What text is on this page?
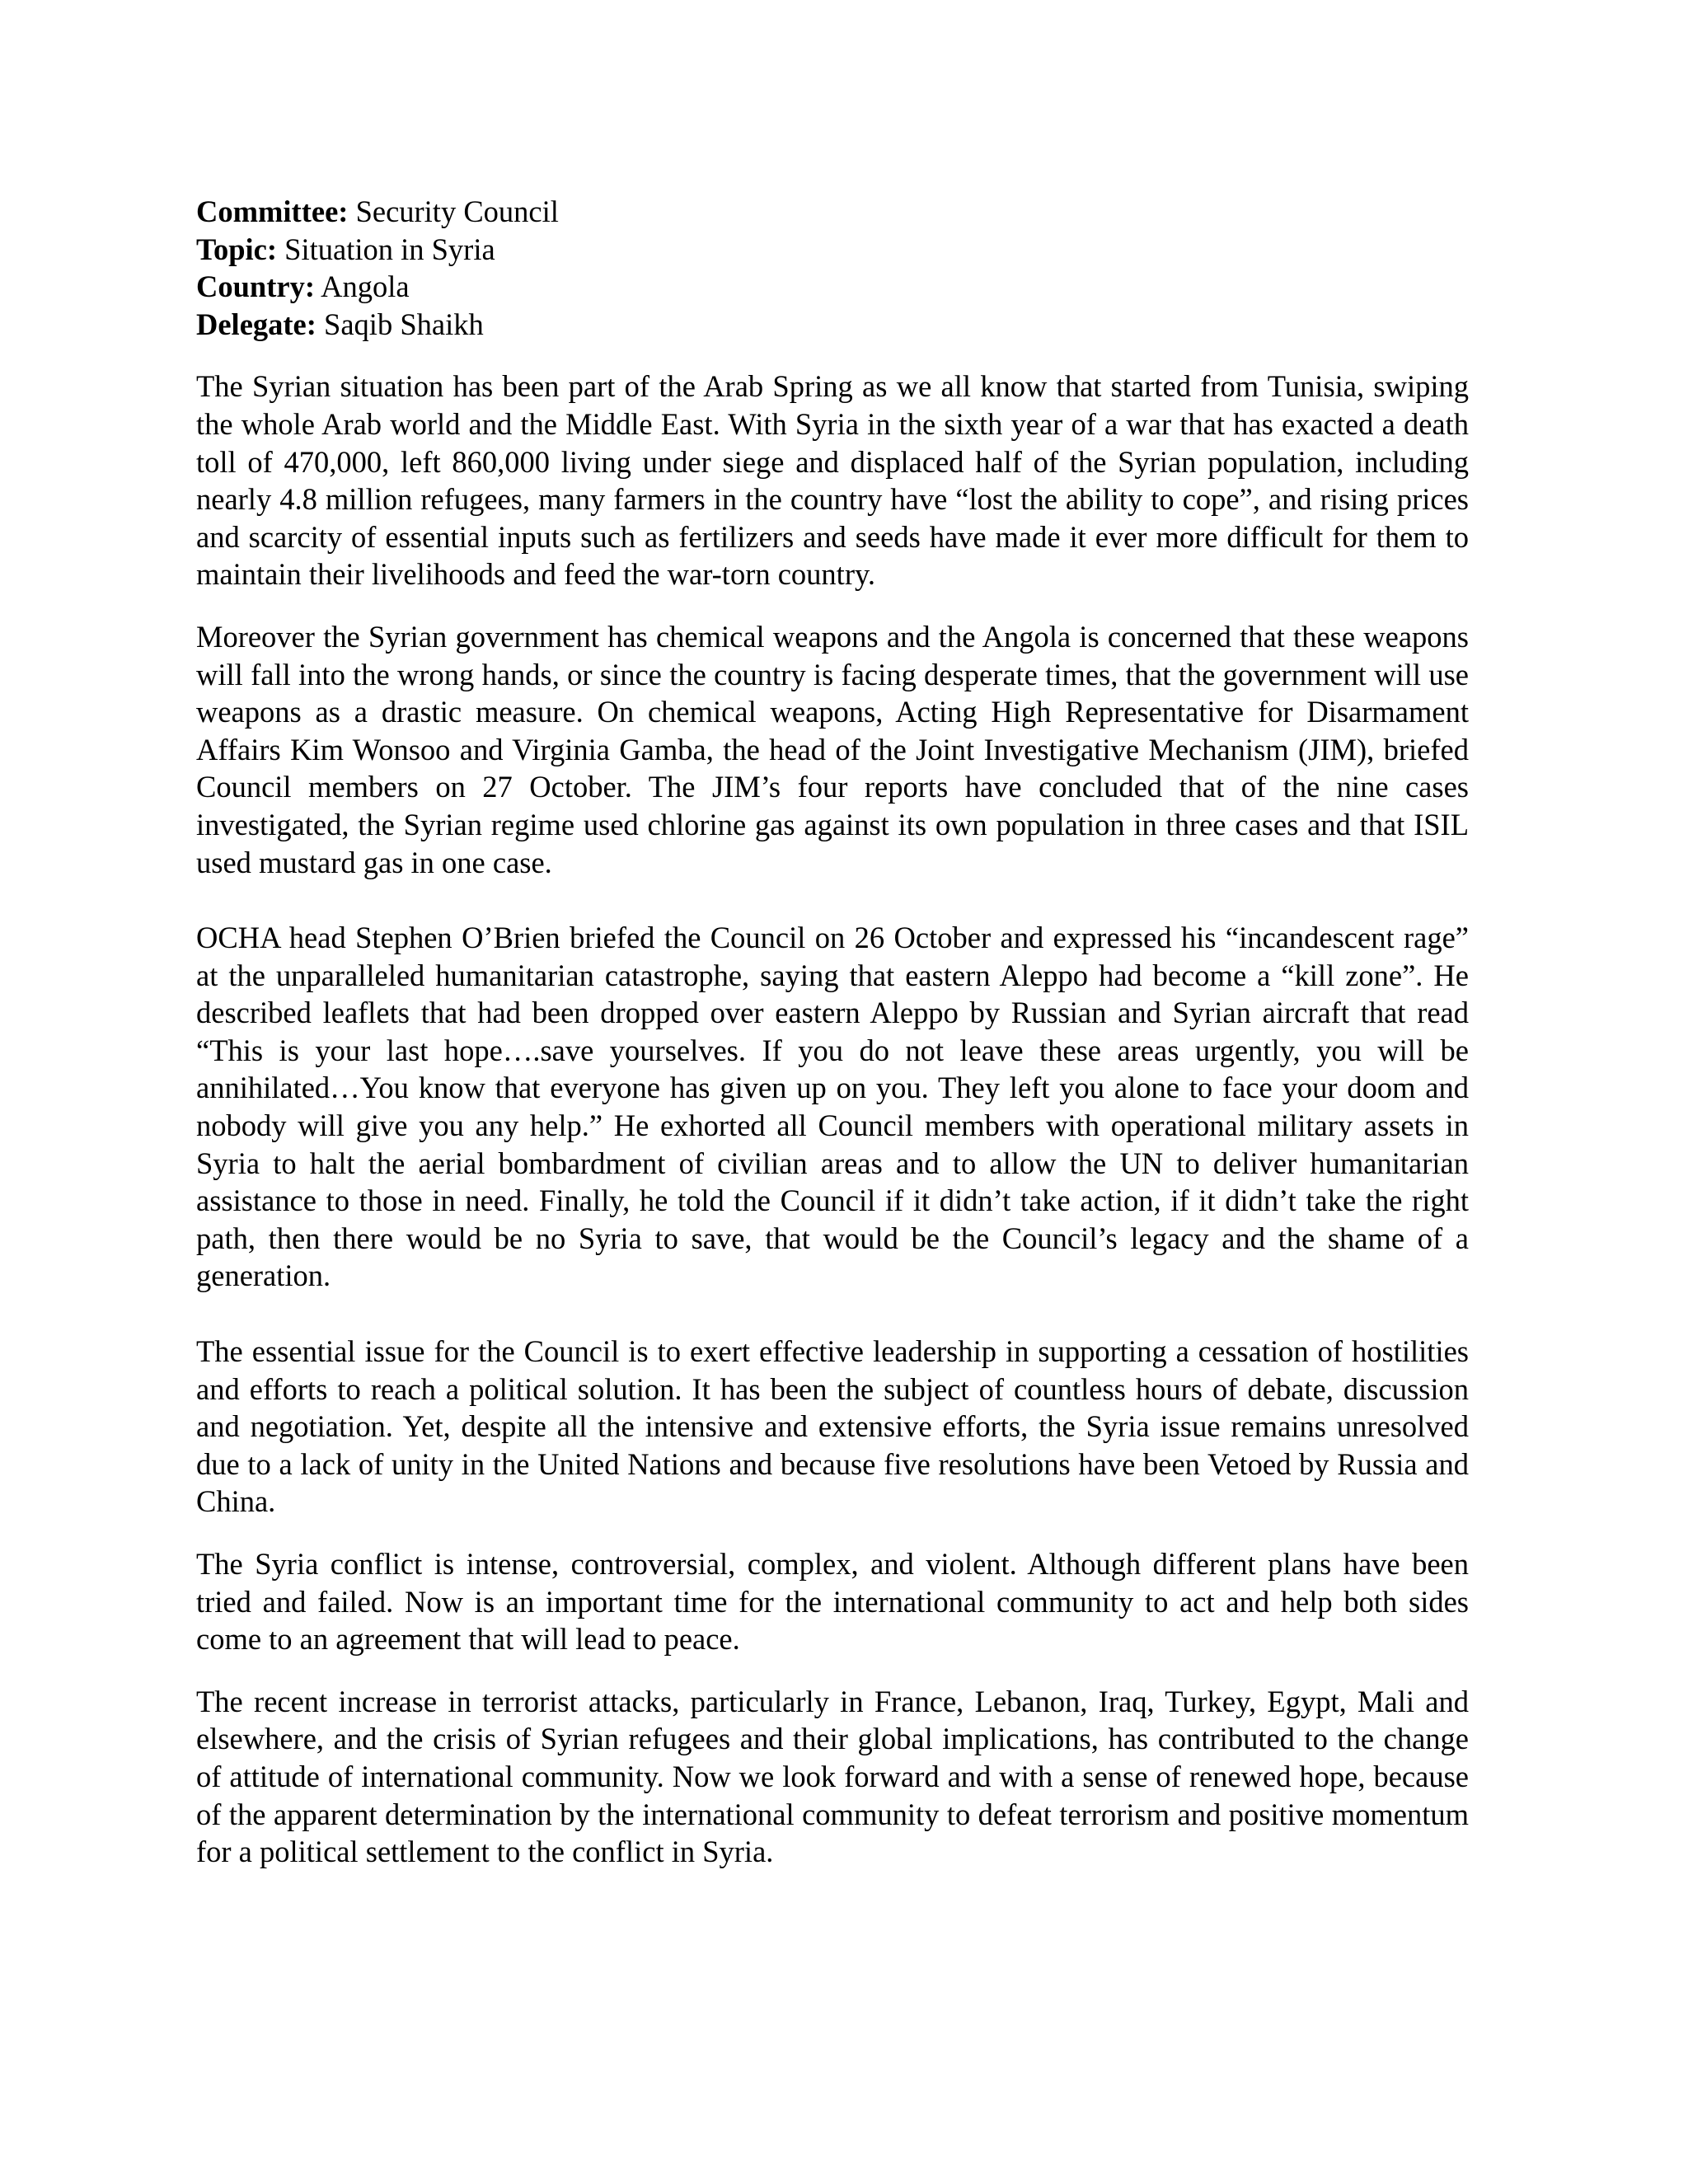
Committee: Security Council
Topic: Situation in Syria
Country: Angola
Delegate: Saqib Shaikh

The Syrian situation has been part of the Arab Spring as we all know that started from Tunisia, swiping the whole Arab world and the Middle East. With Syria in the sixth year of a war that has exacted a death toll of 470,000, left 860,000 living under siege and displaced half of the Syrian population, including nearly 4.8 million refugees, many farmers in the country have “lost the ability to cope”, and rising prices and scarcity of essential inputs such as fertilizers and seeds have made it ever more difficult for them to maintain their livelihoods and feed the war-torn country.

Moreover the Syrian government has chemical weapons and the Angola is concerned that these weapons will fall into the wrong hands, or since the country is facing desperate times, that the government will use weapons as a drastic measure. On chemical weapons, Acting High Representative for Disarmament Affairs Kim Wonsoo and Virginia Gamba, the head of the Joint Investigative Mechanism (JIM), briefed Council members on 27 October. The JIM’s four reports have concluded that of the nine cases investigated, the Syrian regime used chlorine gas against its own population in three cases and that ISIL used mustard gas in one case.

OCHA head Stephen O’Brien briefed the Council on 26 October and expressed his “incandescent rage” at the unparalleled humanitarian catastrophe, saying that eastern Aleppo had become a “kill zone”. He described leaflets that had been dropped over eastern Aleppo by Russian and Syrian aircraft that read “This is your last hope….save yourselves. If you do not leave these areas urgently, you will be annihilated…You know that everyone has given up on you. They left you alone to face your doom and nobody will give you any help.” He exhorted all Council members with operational military assets in Syria to halt the aerial bombardment of civilian areas and to allow the UN to deliver humanitarian assistance to those in need. Finally, he told the Council if it didn’t take action, if it didn’t take the right path, then there would be no Syria to save, that would be the Council’s legacy and the shame of a generation.

The essential issue for the Council is to exert effective leadership in supporting a cessation of hostilities and efforts to reach a political solution. It has been the subject of countless hours of debate, discussion and negotiation. Yet, despite all the intensive and extensive efforts, the Syria issue remains unresolved due to a lack of unity in the United Nations and because five resolutions have been Vetoed by Russia and China.

The Syria conflict is intense, controversial, complex, and violent. Although different plans have been tried and failed. Now is an important time for the international community to act and help both sides come to an agreement that will lead to peace.

The recent increase in terrorist attacks, particularly in France, Lebanon, Iraq, Turkey, Egypt, Mali and elsewhere, and the crisis of Syrian refugees and their global implications, has contributed to the change of attitude of international community. Now we look forward and with a sense of renewed hope, because of the apparent determination by the international community to defeat terrorism and positive momentum for a political settlement to the conflict in Syria.
